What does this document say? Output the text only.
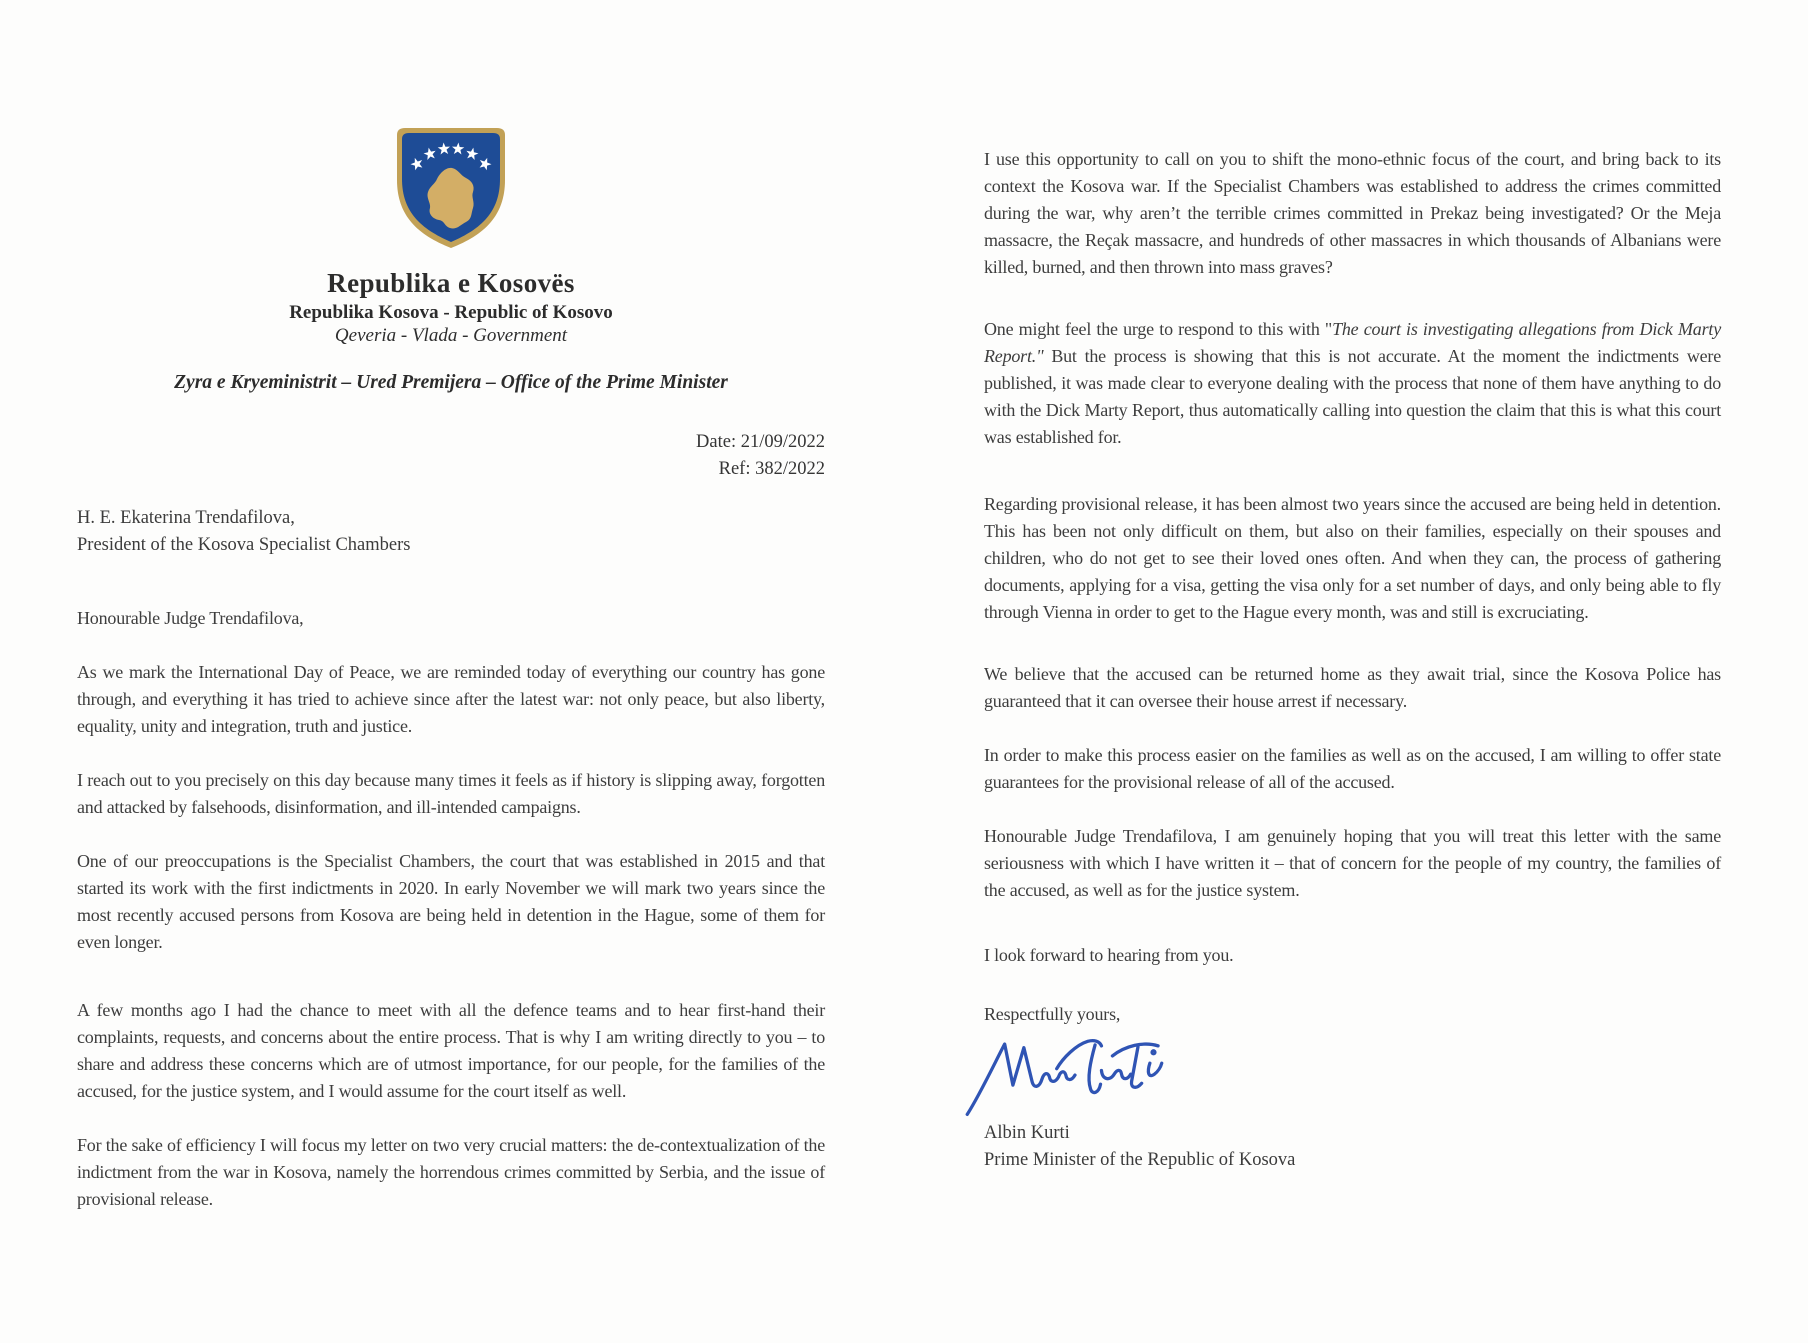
Republika e Kosovës
Republika Kosova - Republic of Kosovo
Qeveria - Vlada - Government
Zyra e Kryeministrit – Ured Premijera – Office of the Prime Minister
Date: 21/09/2022
Ref: 382/2022
H. E. Ekaterina Trendafilova,
President of the Kosova Specialist Chambers

Honourable Judge Trendafilova,

As we mark the International Day of Peace, we are reminded today of everything our country has gone through, and everything it has tried to achieve since after the latest war: not only peace, but also liberty, equality, unity and integration, truth and justice.

I reach out to you precisely on this day because many times it feels as if history is slipping away, forgotten and attacked by falsehoods, disinformation, and ill-intended campaigns.

One of our preoccupations is the Specialist Chambers, the court that was established in 2015 and that started its work with the first indictments in 2020. In early November we will mark two years since the most recently accused persons from Kosova are being held in detention in the Hague, some of them for even longer.

A few months ago I had the chance to meet with all the defence teams and to hear first-hand their complaints, requests, and concerns about the entire process. That is why I am writing directly to you – to share and address these concerns which are of utmost importance, for our people, for the families of the accused, for the justice system, and I would assume for the court itself as well.

For the sake of efficiency I will focus my letter on two very crucial matters: the de-contextualization of the indictment from the war in Kosova, namely the horrendous crimes committed by Serbia, and the issue of provisional release.

I use this opportunity to call on you to shift the mono-ethnic focus of the court, and bring back to its context the Kosova war. If the Specialist Chambers was established to address the crimes committed during the war, why aren’t the terrible crimes committed in Prekaz being investigated? Or the Meja massacre, the Reçak massacre, and hundreds of other massacres in which thousands of Albanians were killed, burned, and then thrown into mass graves?

One might feel the urge to respond to this with "The court is investigating allegations from Dick Marty Report." But the process is showing that this is not accurate. At the moment the indictments were published, it was made clear to everyone dealing with the process that none of them have anything to do with the Dick Marty Report, thus automatically calling into question the claim that this is what this court was established for.

Regarding provisional release, it has been almost two years since the accused are being held in detention. This has been not only difficult on them, but also on their families, especially on their spouses and children, who do not get to see their loved ones often. And when they can, the process of gathering documents, applying for a visa, getting the visa only for a set number of days, and only being able to fly through Vienna in order to get to the Hague every month, was and still is excruciating.

We believe that the accused can be returned home as they await trial, since the Kosova Police has guaranteed that it can oversee their house arrest if necessary.

In order to make this process easier on the families as well as on the accused, I am willing to offer state guarantees for the provisional release of all of the accused.

Honourable Judge Trendafilova, I am genuinely hoping that you will treat this letter with the same seriousness with which I have written it – that of concern for the people of my country, the families of the accused, as well as for the justice system.

I look forward to hearing from you.

Respectfully yours,

Albin Kurti
Prime Minister of the Republic of Kosova
